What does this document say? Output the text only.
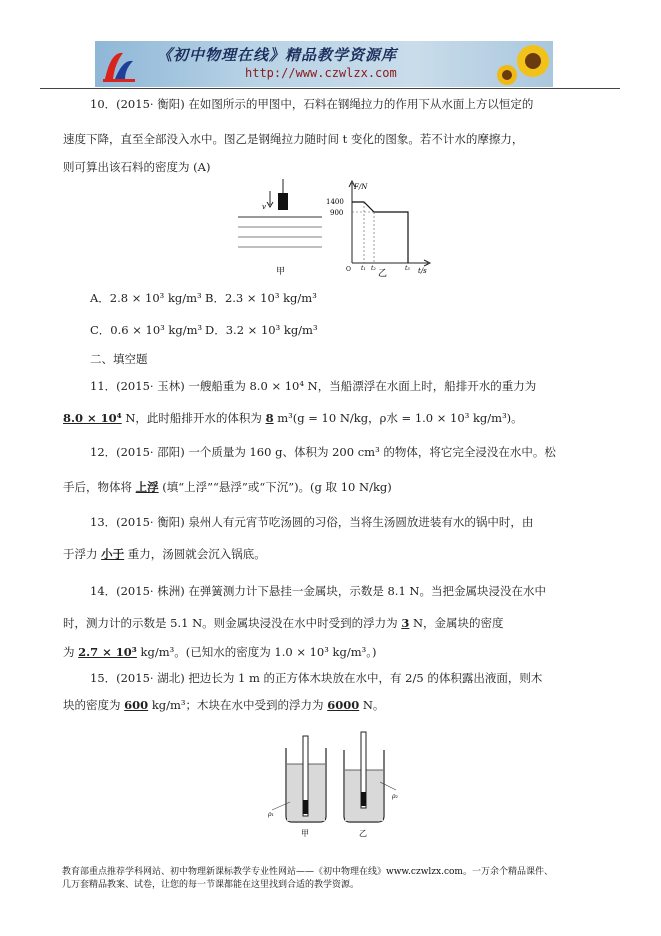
《初中物理在线》精品教学资源库
http://www.czwlzx.com
10．(2015· 衡阳) 在如图所示的甲图中，石料在钢绳拉力的作用下从水面上方以恒定的
速度下降，直至全部没入水中。图乙是钢绳拉力随时间 t 变化的图象。若不计水的摩擦力，
则可算出该石料的密度为 (A)
v
甲
F/N
t/s
1400
900
O t₁ t₂	t₃
乙
A．2.8 × 10³ kg/m³ B．2.3 × 10³ kg/m³
C．0.6 × 10³ kg/m³ D．3.2 × 10³ kg/m³
二、填空题
11．(2015· 玉林) 一艘船重为 8.0 × 10⁴ N，当船漂浮在水面上时，船排开水的重力为
8.0 × 10⁴ N，此时船排开水的体积为 8 m³(g = 10 N/kg，ρ水 = 1.0 × 10³ kg/m³)。
12．(2015· 邵阳) 一个质量为 160 g、体积为 200 cm³ 的物体，将它完全浸没在水中。松
手后，物体将 上浮 (填“上浮”“悬浮”或“下沉”)。(g 取 10 N/kg)
13．(2015· 衡阳) 泉州人有元宵节吃汤圆的习俗，当将生汤圆放进装有水的锅中时，由
于浮力 小于 重力，汤圆就会沉入锅底。
14．(2015· 株洲) 在弹簧测力计下悬挂一金属块，示数是 8.1 N。当把金属块浸没在水中
时，测力计的示数是 5.1 N。则金属块浸没在水中时受到的浮力为 3 N，金属块的密度
为 2.7 × 10³ kg/m³。(已知水的密度为 1.0 × 10³ kg/m³。)
15．(2015· 湖北) 把边长为 1 m 的正方体木块放在水中，有 2/5 的体积露出液面，则木
块的密度为 600 kg/m³；木块在水中受到的浮力为 6000 N。
ρ₁
甲
ρ₂
乙
教育部重点推荐学科网站、初中物理新课标教学专业性网站——《初中物理在线》www.czwlzx.com。一万余个精品课件、
几万套精品教案、试卷，让您的每一节课都能在这里找到合适的教学资源。
